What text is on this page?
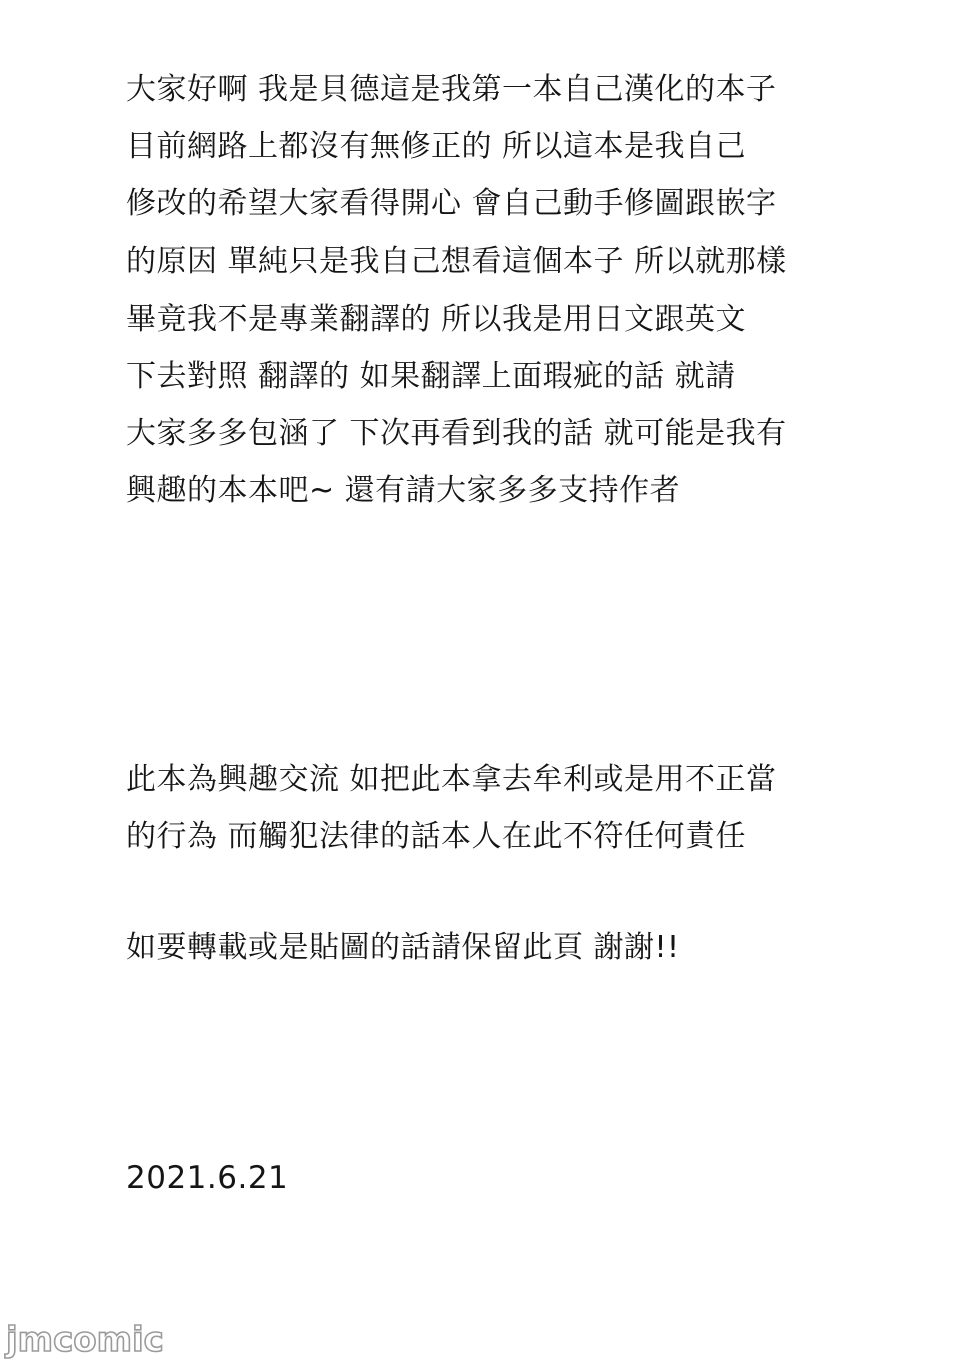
大家好啊 我是貝德這是我第一本自己漢化的本子
目前網路上都沒有無修正的 所以這本是我自己
修改的希望大家看得開心 會自己動手修圖跟嵌字
的原因 單純只是我自己想看這個本子 所以就那樣
畢竟我不是專業翻譯的 所以我是用日文跟英文
下去對照 翻譯的 如果翻譯上面瑕疵的話 就請
大家多多包涵了 下次再看到我的話 就可能是我有
興趣的本本吧~ 還有請大家多多支持作者
此本為興趣交流 如把此本拿去牟利或是用不正當
的行為 而觸犯法律的話本人在此不符任何責任
如要轉載或是貼圖的話請保留此頁 謝謝!!
2021.6.21
jmcomic
